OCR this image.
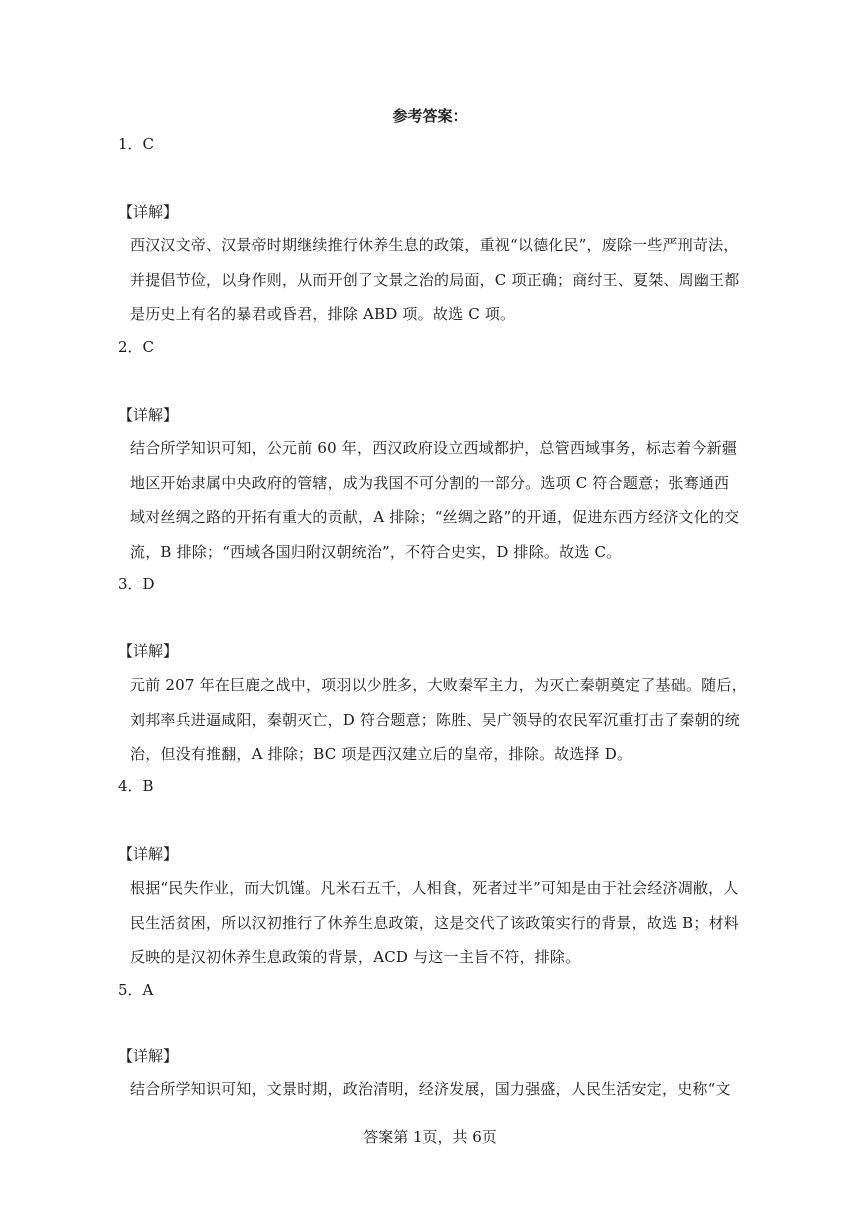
参考答案：
1．C
【详解】
西汉汉文帝、汉景帝时期继续推行休养生息的政策，重视“以德化民”，废除一些严刑苛法，
并提倡节俭，以身作则，从而开创了文景之治的局面，C 项正确；商纣王、夏桀、周幽王都
是历史上有名的暴君或昏君，排除 ABD 项。故选 C 项。
2．C
【详解】
结合所学知识可知，公元前 60 年，西汉政府设立西域都护，总管西域事务，标志着今新疆
地区开始隶属中央政府的管辖，成为我国不可分割的一部分。选项 C 符合题意；张骞通西
域对丝绸之路的开拓有重大的贡献，A 排除；“丝绸之路”的开通，促进东西方经济文化的交
流，B 排除；“西域各国归附汉朝统治”，不符合史实，D 排除。故选 C。
3．D
【详解】
元前 207 年在巨鹿之战中，项羽以少胜多，大败秦军主力，为灭亡秦朝奠定了基础。随后，
刘邦率兵进逼咸阳，秦朝灭亡，D 符合题意；陈胜、吴广领导的农民军沉重打击了秦朝的统
治，但没有推翻，A 排除；BC 项是西汉建立后的皇帝，排除。故选择 D。
4．B
【详解】
根据“民失作业，而大饥馑。凡米石五千，人相食，死者过半”可知是由于社会经济凋敝，人
民生活贫困，所以汉初推行了休养生息政策，这是交代了该政策实行的背景，故选 B；材料
反映的是汉初休养生息政策的背景，ACD 与这一主旨不符，排除。
5．A
【详解】
结合所学知识可知，文景时期，政治清明，经济发展，国力强盛，人民生活安定，史称“文
答案第 1页，共 6页
